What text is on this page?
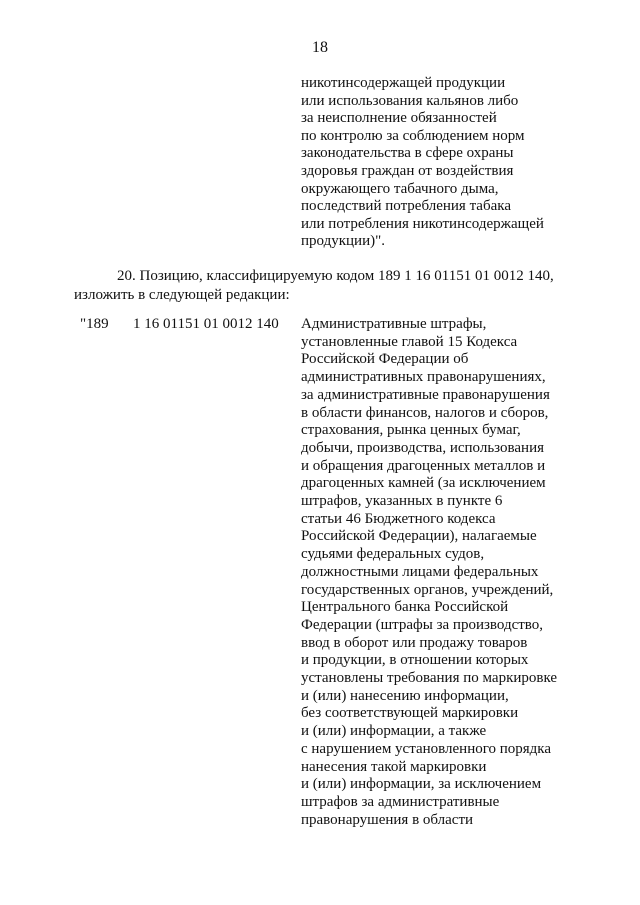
18
никотинсодержащей продукции
или использования кальянов либо
за неисполнение обязанностей
по контролю за соблюдением норм
законодательства в сфере охраны
здоровья граждан от воздействия
окружающего табачного дыма,
последствий потребления табака
или потребления никотинсодержащей
продукции)".
20. Позицию, классифицируемую кодом 189 1 16 01151 01 0012 140,
изложить в следующей редакции:
"189 1 16 01151 01 0012 140 Административные штрафы,
установленные главой 15 Кодекса
Российской Федерации об
административных правонарушениях,
за административные правонарушения
в области финансов, налогов и сборов,
страхования, рынка ценных бумаг,
добычи, производства, использования
и обращения драгоценных металлов и
драгоценных камней (за исключением
штрафов, указанных в пункте 6
статьи 46 Бюджетного кодекса
Российской Федерации), налагаемые
судьями федеральных судов,
должностными лицами федеральных
государственных органов, учреждений,
Центрального банка Российской
Федерации (штрафы за производство,
ввод в оборот или продажу товаров
и продукции, в отношении которых
установлены требования по маркировке
и (или) нанесению информации,
без соответствующей маркировки
и (или) информации, а также
с нарушением установленного порядка
нанесения такой маркировки
и (или) информации, за исключением
штрафов за административные
правонарушения в области
